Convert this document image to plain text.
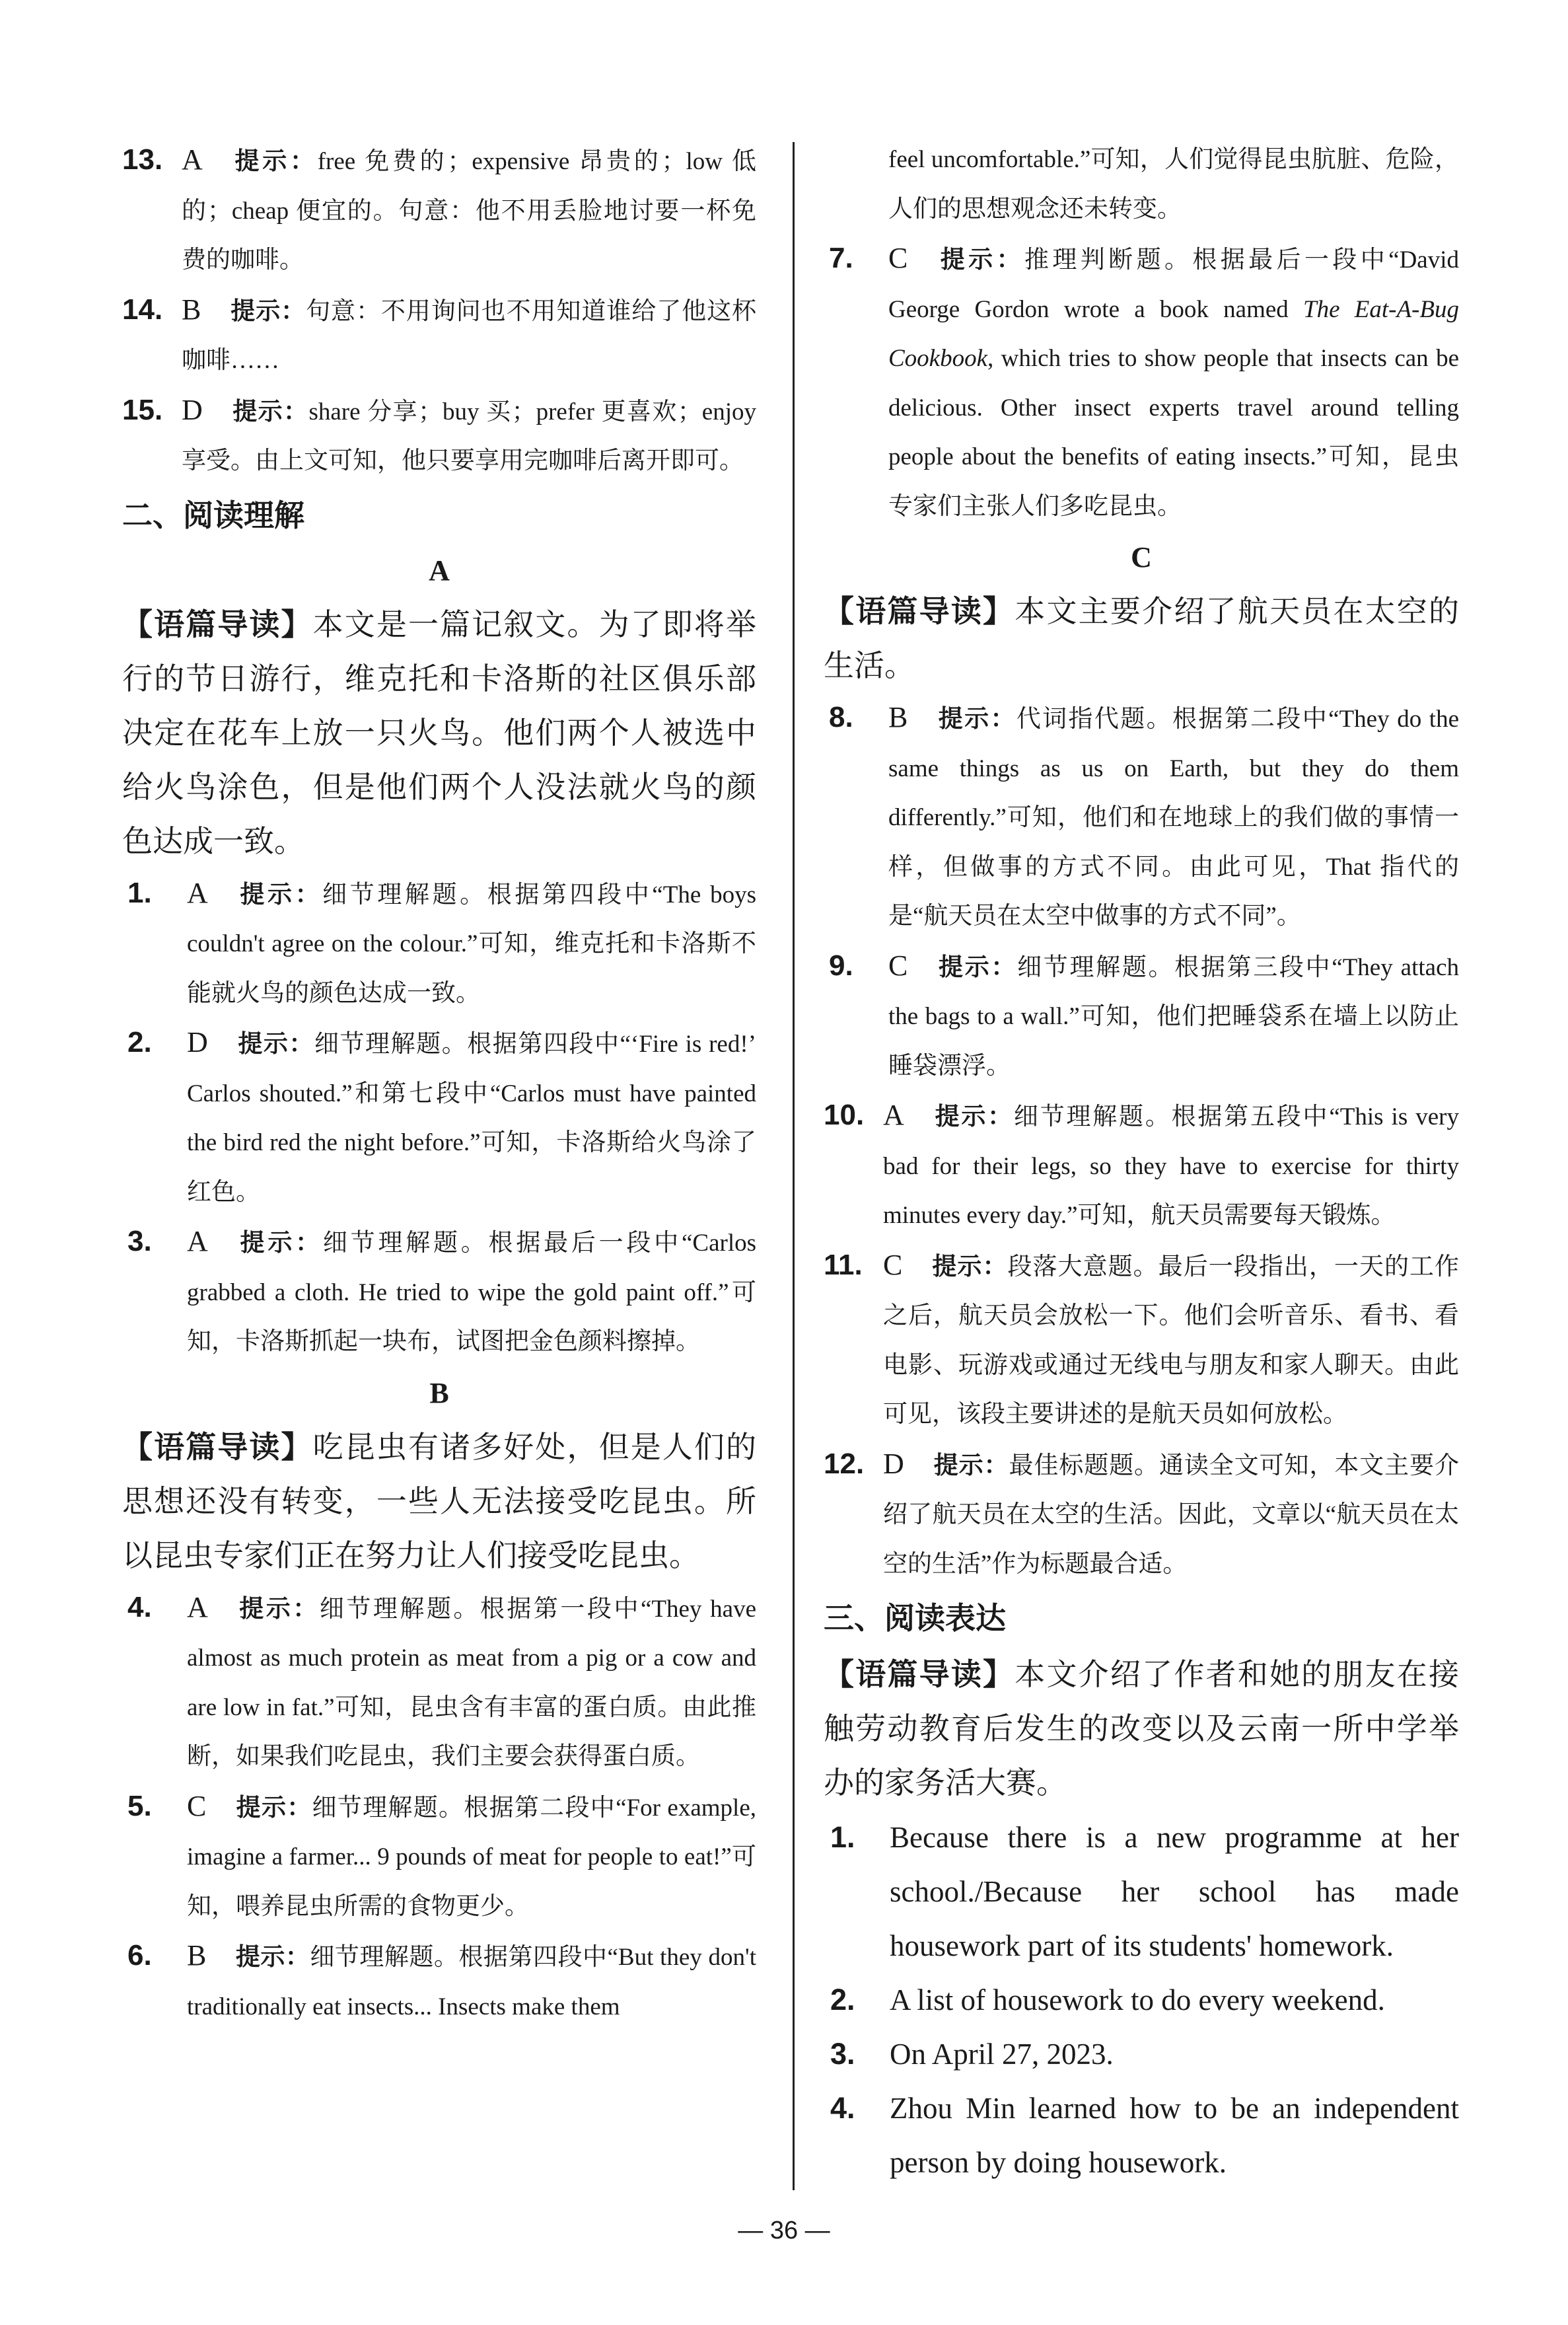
13. A 提示：free 免费的；expensive 昂贵的；low 低的；cheap 便宜的。句意：他不用丢脸地讨要一杯免费的咖啡。
14. B 提示：句意：不用询问也不用知道谁给了他这杯咖啡……
15. D 提示：share 分享；buy 买；prefer 更喜欢；enjoy 享受。由上文可知，他只要享用完咖啡后离开即可。
二、阅读理解
A
【语篇导读】本文是一篇记叙文。为了即将举行的节日游行，维克托和卡洛斯的社区俱乐部决定在花车上放一只火鸟。他们两个人被选中给火鸟涂色，但是他们两个人没法就火鸟的颜色达成一致。
1. A 提示：细节理解题。根据第四段中“The boys couldn't agree on the colour.”可知，维克托和卡洛斯不能就火鸟的颜色达成一致。
2. D 提示：细节理解题。根据第四段中“‘Fire is red!’ Carlos shouted.”和第七段中“Carlos must have painted the bird red the night before.”可知，卡洛斯给火鸟涂了红色。
3. A 提示：细节理解题。根据最后一段中“Carlos grabbed a cloth. He tried to wipe the gold paint off.”可知，卡洛斯抓起一块布，试图把金色颜料擦掉。
B
【语篇导读】吃昆虫有诸多好处，但是人们的思想还没有转变，一些人无法接受吃昆虫。所以昆虫专家们正在努力让人们接受吃昆虫。
4. A 提示：细节理解题。根据第一段中“They have almost as much protein as meat from a pig or a cow and are low in fat.”可知，昆虫含有丰富的蛋白质。由此推断，如果我们吃昆虫，我们主要会获得蛋白质。
5. C 提示：细节理解题。根据第二段中“For example, imagine a farmer... 9 pounds of meat for people to eat!”可知，喂养昆虫所需的食物更少。
6. B 提示：细节理解题。根据第四段中“But they don't traditionally eat insects... Insects make them
feel uncomfortable.”可知，人们觉得昆虫肮脏、危险，人们的思想观念还未转变。
7. C 提示：推理判断题。根据最后一段中“David George Gordon wrote a book named The Eat-A-Bug Cookbook, which tries to show people that insects can be delicious. Other insect experts travel around telling people about the benefits of eating insects.”可知，昆虫专家们主张人们多吃昆虫。
C
【语篇导读】本文主要介绍了航天员在太空的生活。
8. B 提示：代词指代题。根据第二段中“They do the same things as us on Earth, but they do them differently.”可知，他们和在地球上的我们做的事情一样，但做事的方式不同。由此可见，That 指代的是“航天员在太空中做事的方式不同”。
9. C 提示：细节理解题。根据第三段中“They attach the bags to a wall.”可知，他们把睡袋系在墙上以防止睡袋漂浮。
10. A 提示：细节理解题。根据第五段中“This is very bad for their legs, so they have to exercise for thirty minutes every day.”可知，航天员需要每天锻炼。
11. C 提示：段落大意题。最后一段指出，一天的工作之后，航天员会放松一下。他们会听音乐、看书、看电影、玩游戏或通过无线电与朋友和家人聊天。由此可见，该段主要讲述的是航天员如何放松。
12. D 提示：最佳标题题。通读全文可知，本文主要介绍了航天员在太空的生活。因此，文章以“航天员在太空的生活”作为标题最合适。
三、阅读表达
【语篇导读】本文介绍了作者和她的朋友在接触劳动教育后发生的改变以及云南一所中学举办的家务活大赛。
1. Because there is a new programme at her school./Because her school has made housework part of its students' homework.
2. A list of housework to do every weekend.
3. On April 27, 2023.
4. Zhou Min learned how to be an independent person by doing housework.
— 36 —
